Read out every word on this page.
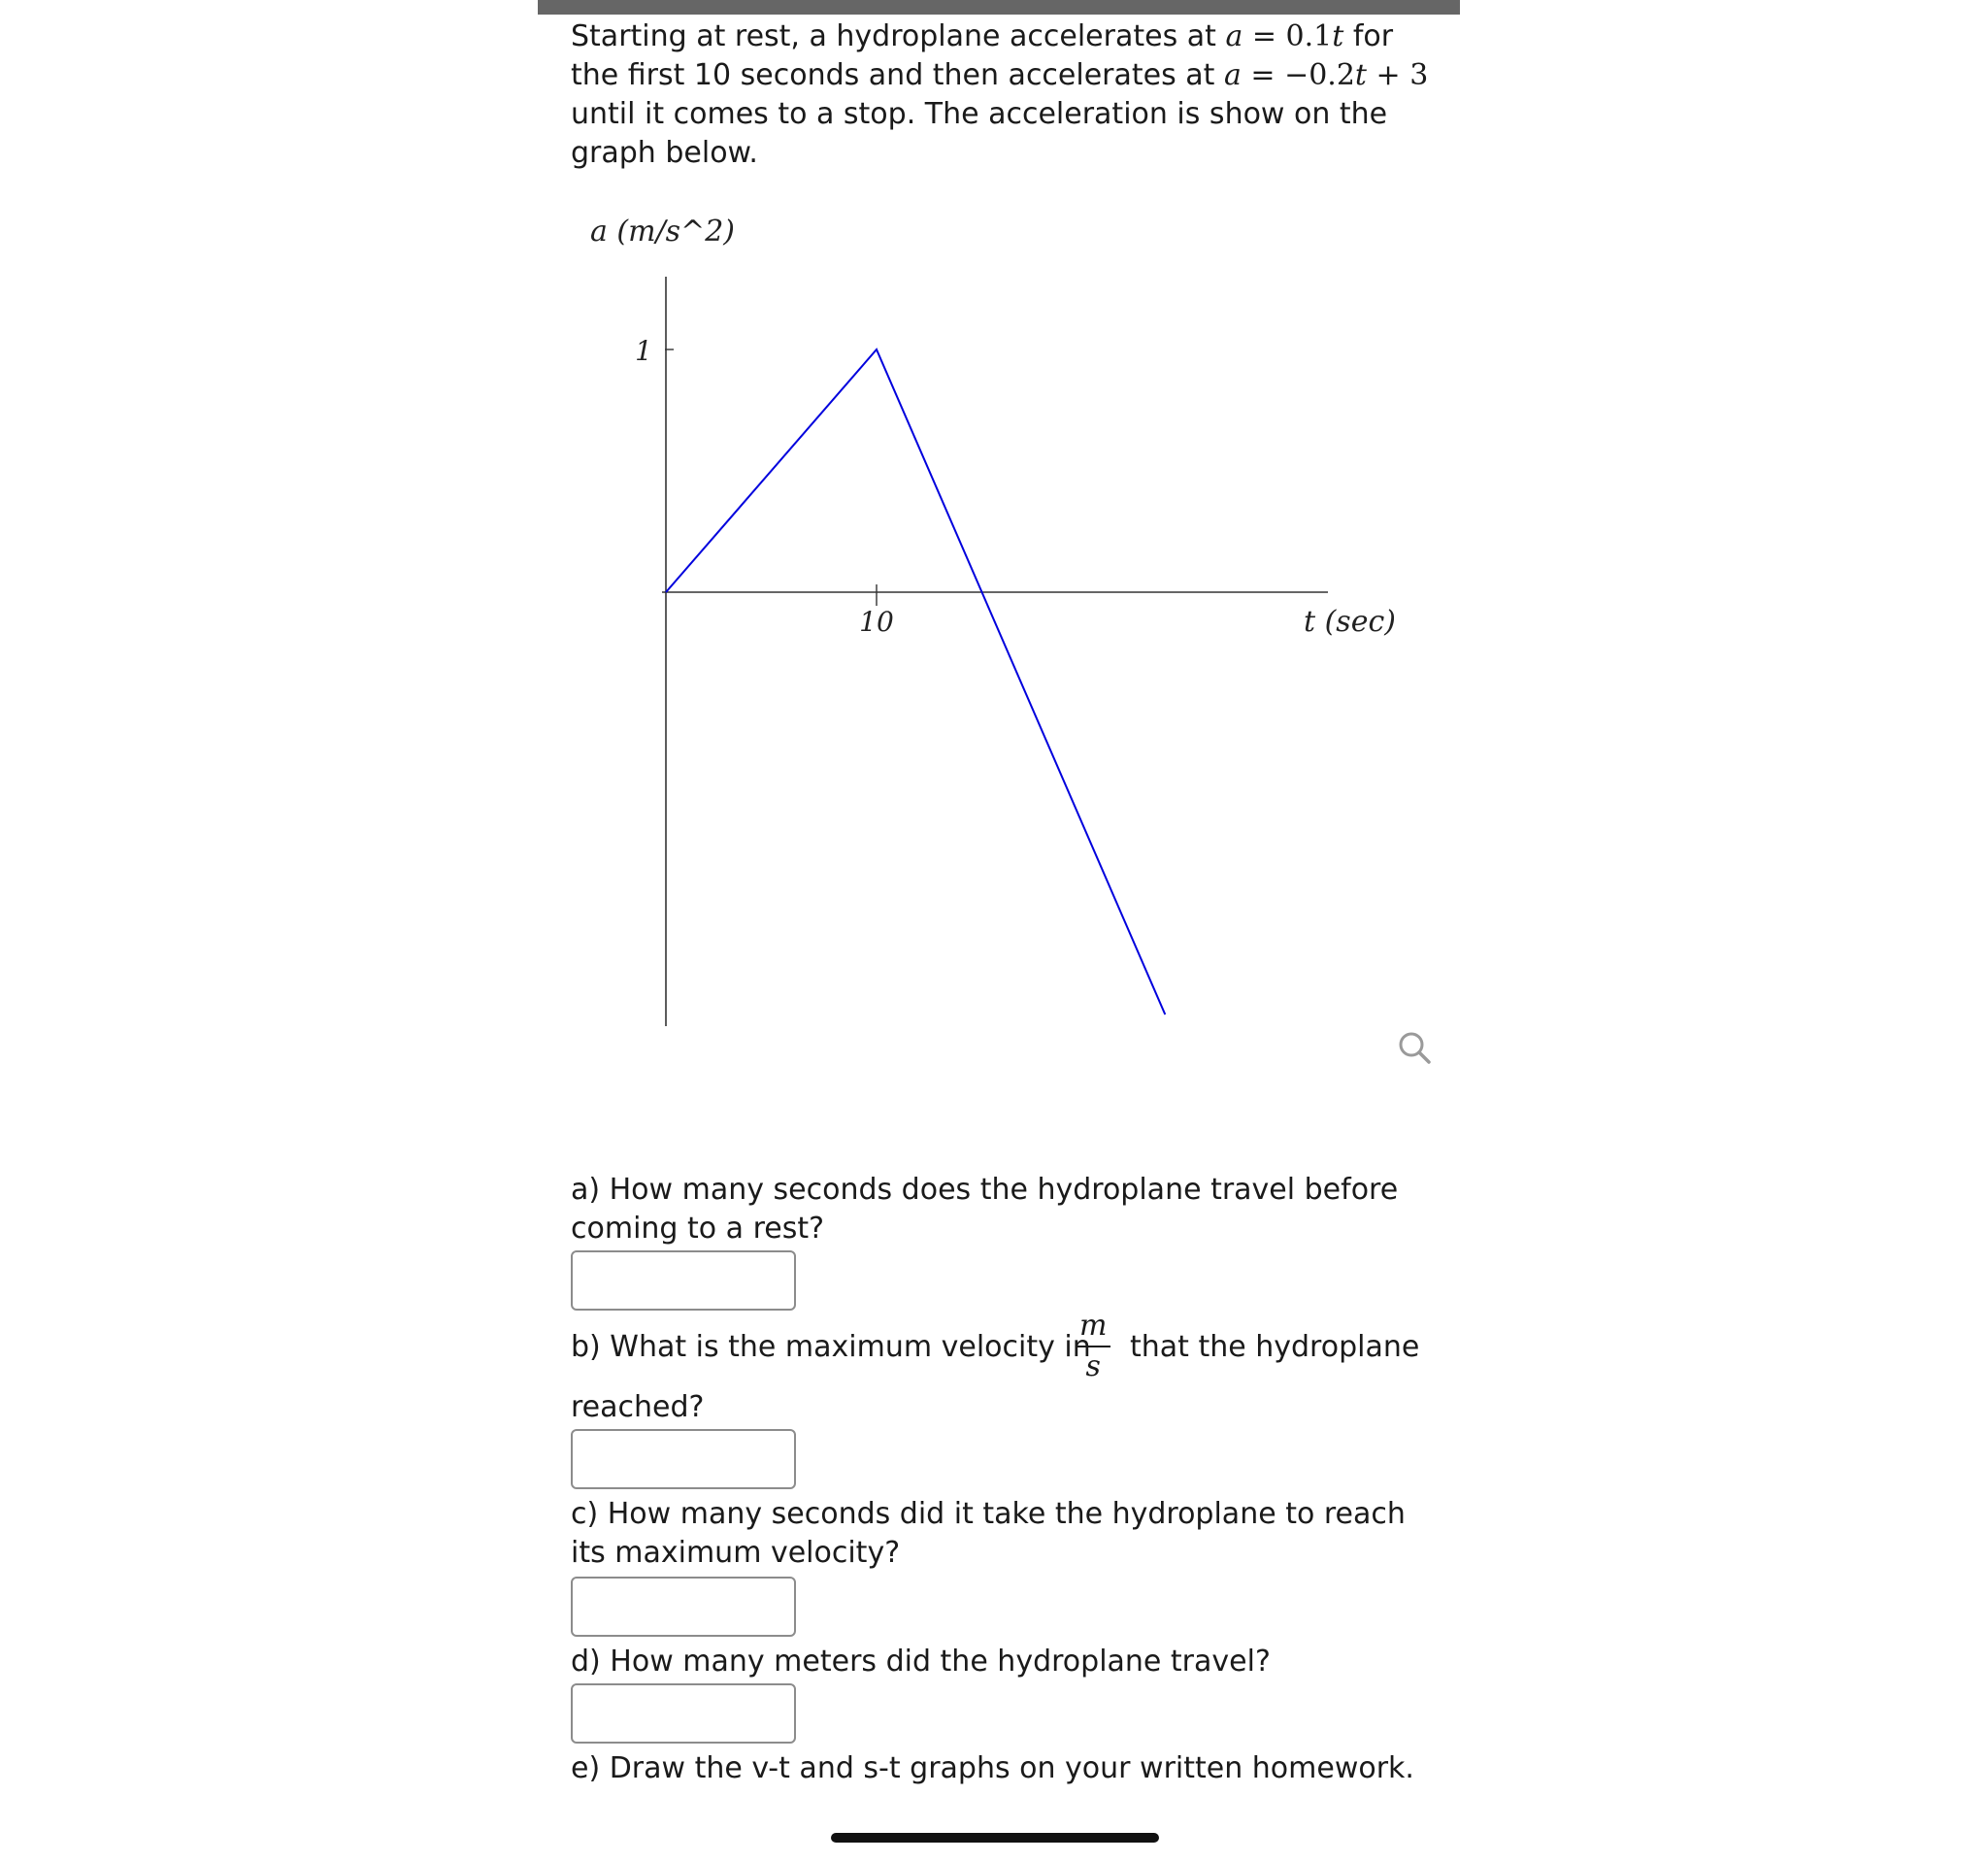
Starting at rest, a hydroplane accelerates at a = 0.1t for
the first 10 seconds and then accelerates at a = −0.2t + 3
until it comes to a stop. The acceleration is show on the
graph below.

1
10
a (m/s^2)
t (sec)

a) How many seconds does the hydroplane travel before coming to a rest?

b) What is the maximum velocity in
$\frac{m}{s}$ that the hydroplane
reached?

c) How many seconds did it take the hydroplane to reach its maximum velocity?

d) How many meters did the hydroplane travel?

e) Draw the v-t and s-t graphs on your written homework.
